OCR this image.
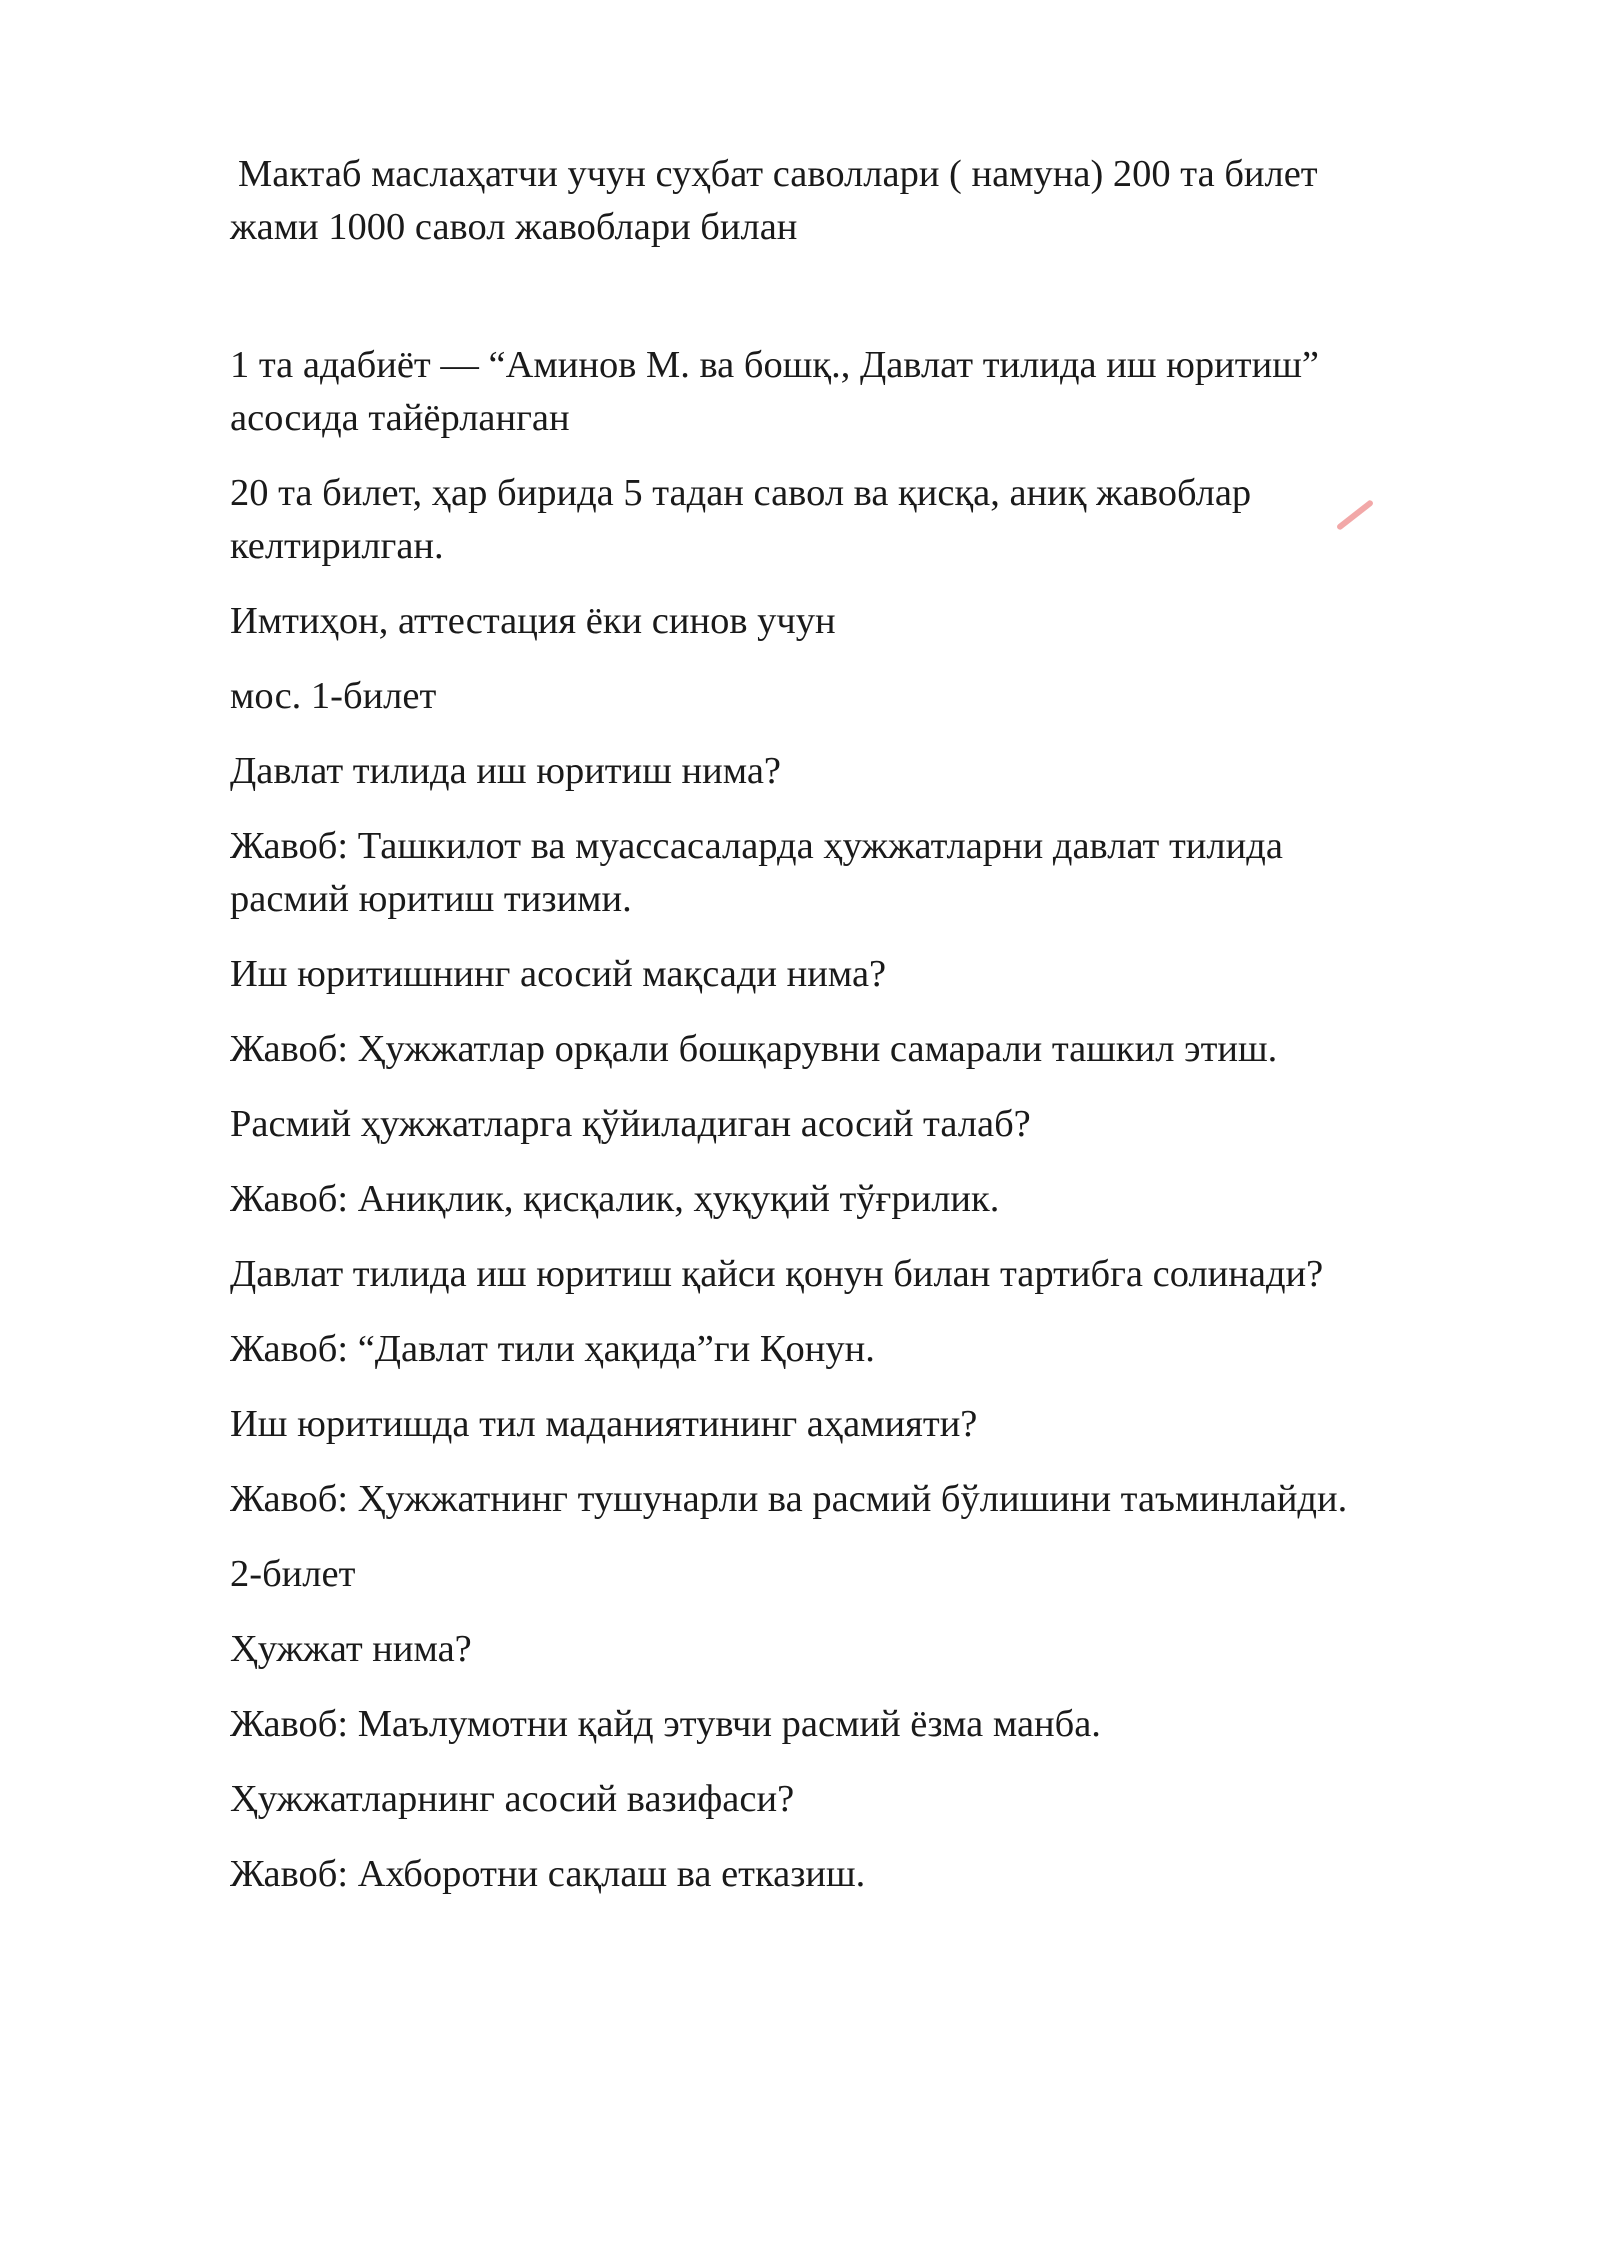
Мактаб маслаҳатчи учун суҳбат саволлари ( намуна) 200 та билет
жами 1000 савол жавоблари билан

1 та адабиёт — “Аминов М. ва бошқ., Давлат тилида иш юритиш”
асосида тайёрланган

20 та билет, ҳар бирида 5 тадан савол ва қисқа, аниқ жавоблар
келтирилган.

Имтиҳон, аттестация ёки синов учун

мос. 1-билет

Давлат тилида иш юритиш нима?

Жавоб: Ташкилот ва муассасаларда ҳужжатларни давлат тилида
расмий юритиш тизими.

Иш юритишнинг асосий мақсади нима?

Жавоб: Ҳужжатлар орқали бошқарувни самарали ташкил этиш.

Расмий ҳужжатларга қўйиладиган асосий талаб?

Жавоб: Аниқлик, қисқалик, ҳуқуқий тўғрилик.

Давлат тилида иш юритиш қайси қонун билан тартибга солинади?

Жавоб: “Давлат тили ҳақида”ги Қонун.

Иш юритишда тил маданиятининг аҳамияти?

Жавоб: Ҳужжатнинг тушунарли ва расмий бўлишини таъминлайди.

2-билет

Ҳужжат нима?

Жавоб: Маълумотни қайд этувчи расмий ёзма манба.

Ҳужжатларнинг асосий вазифаси?

Жавоб: Ахборотни сақлаш ва етказиш.
